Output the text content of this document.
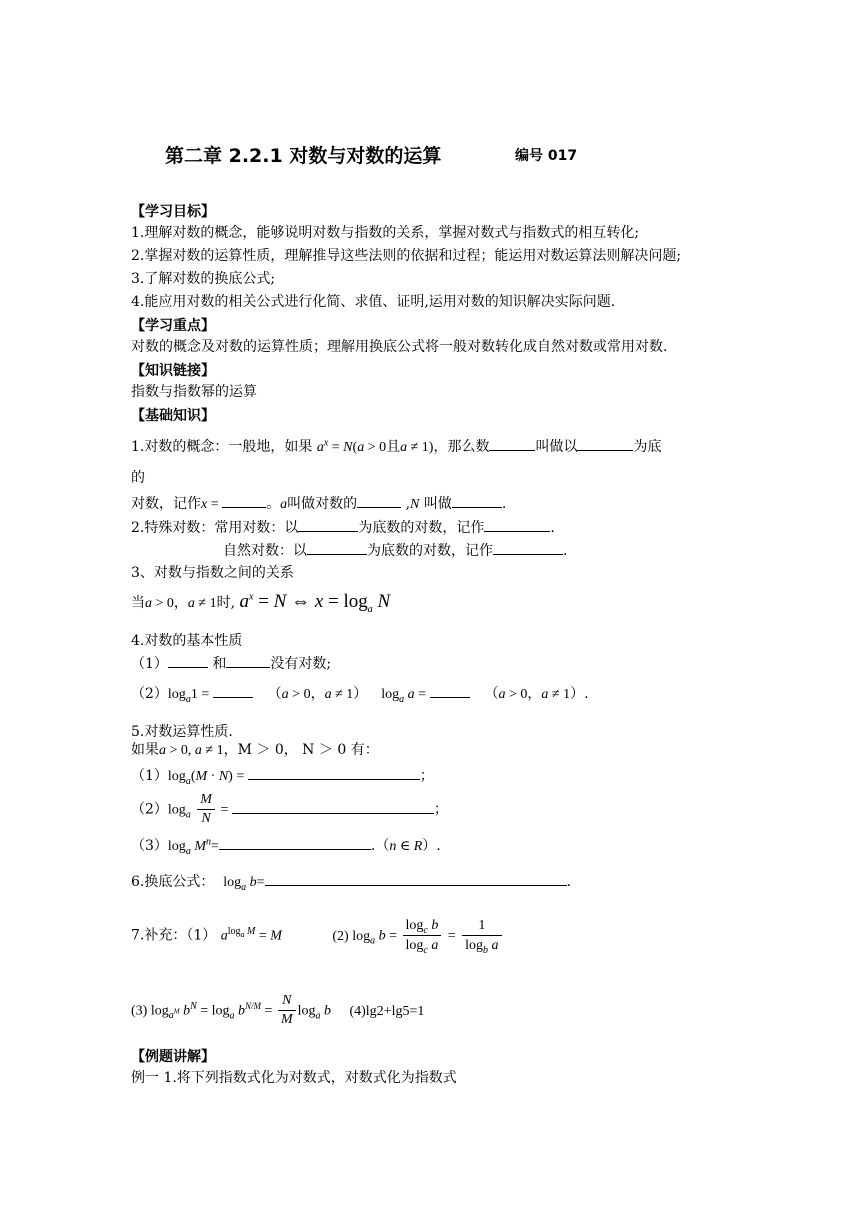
第二章 2.2.1 对数与对数的运算	编号 017
【学习目标】
1.理解对数的概念，能够说明对数与指数的关系，掌握对数式与指数式的相互转化;
2.掌握对数的运算性质，理解推导这些法则的依据和过程；能运用对数运算法则解决问题;
3.了解对数的换底公式;
4.能应用对数的相关公式进行化简、求值、证明,运用对数的知识解决实际问题.
【学习重点】
对数的概念及对数的运算性质；理解用换底公式将一般对数转化成自然对数或常用对数.
【知识链接】
指数与指数幂的运算
【基础知识】
1.对数的概念：一般地，如果 $a^x = N(a > 0$且a ≠ 1)，那么数	叫做以	为底
的
对数，记作x =	。a叫做对数的	,N 叫做	.
2.特殊对数：常用对数：以	为底数的对数，记作	.
自然对数：以	为底数的对数，记作	.
3、对数与指数之间的关系
当a > 0，a ≠ 1时, $a^x = N$ ⇔ $x = \log_a N$
4.对数的基本性质
（1）	和	没有对数;
$(2)\log_a1$ =	（a > 0，a ≠ 1）    $\log_a a$ =	（a > 0，a ≠ 1）.
5.对数运算性质.
如果a > 0, a ≠ 1，M ＞ 0， N ＞ 0 有：
$(1)\log_a(M \cdot N)$ =	；
$(2)\log_a \frac{M}{N}$ =	；
$(3)\log_a$ $M^n=$	.（n ∈ R）.
6.换底公式： $\log_a b=$	.
7.补充：（1） $a^{log_a M} = M$	(2) $\log_a b = \frac{\log_c b}{\log_c a} = \frac{1}{\log_b a}$
(3) $\log_{a^M} b^N = \log_a b^{N/M} = \frac{N}{M} \log_a b$ (4)lg2+lg5=1
【例题讲解】
例一 1.将下列指数式化为对数式，对数式化为指数式
